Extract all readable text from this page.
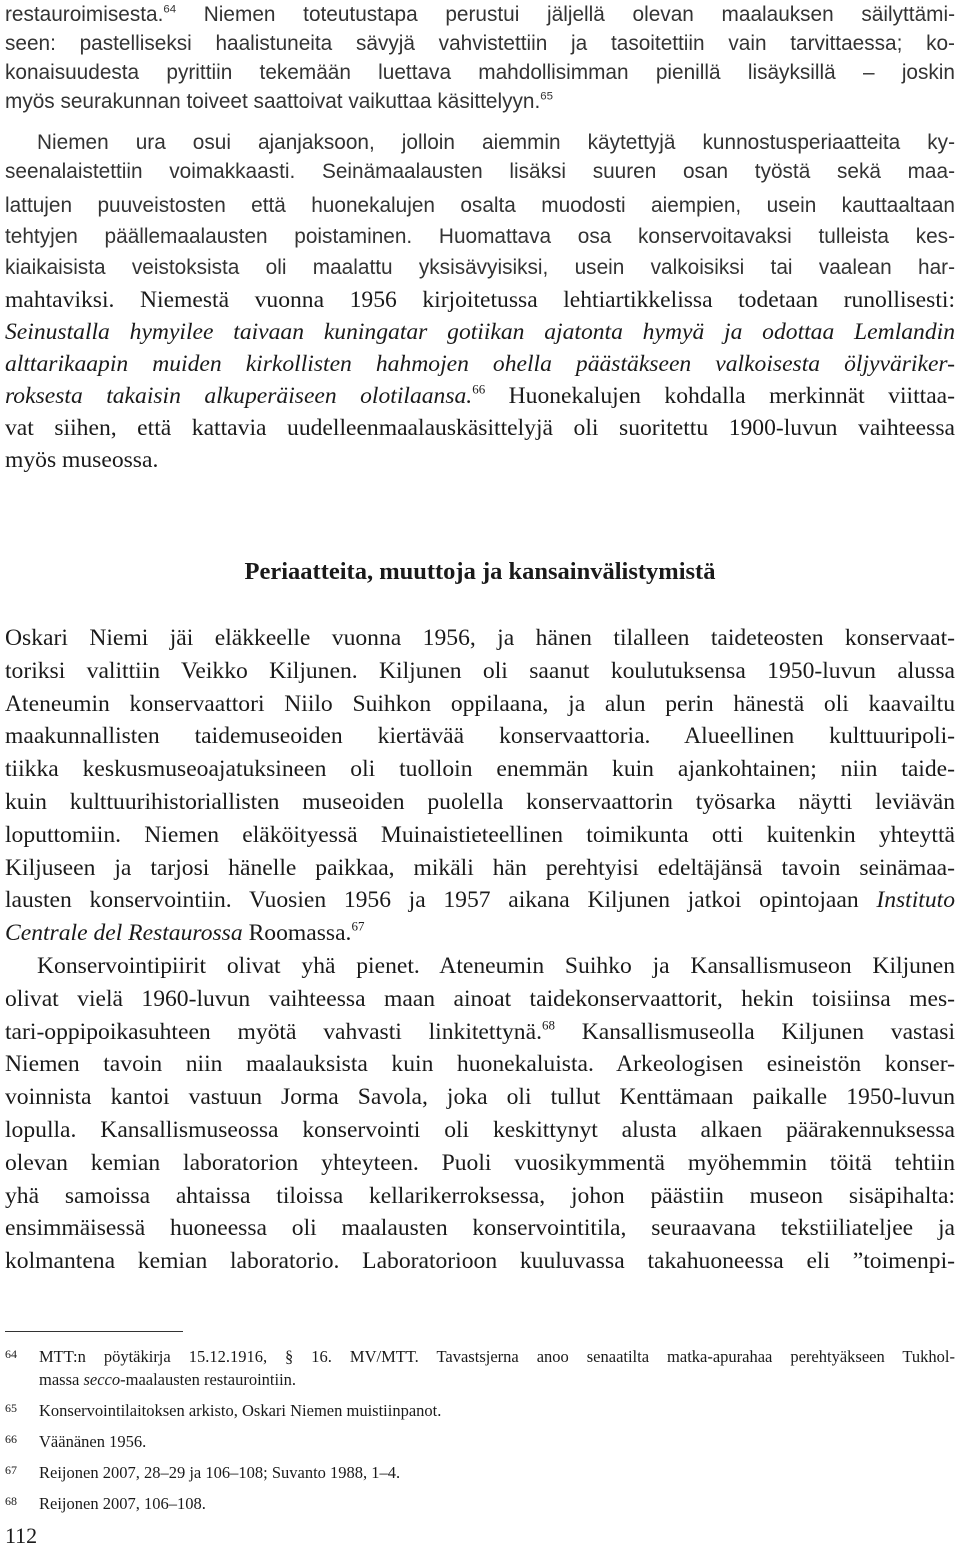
restauroimisesta.$^{64}$ Niemen toteutustapa perustui jäljellä olevan maalauksen säilyttämi-
seen: pastelliseksi haalistuneita sävyjä vahvistettiin ja tasoitettiin vain tarvittaessa; ko-
konaisuudesta pyrittiin tekemään luettava mahdollisimman pienillä lisäyksillä – joskin
myös seurakunnan toiveet saattoivat vaikuttaa käsittelyyn.$^{65}$
Niemen ura osui ajanjaksoon, jolloin aiemmin käytettyjä kunnostusperiaatteita ky-
seenalaistettiin voimakkaasti. Seinämaalausten lisäksi suuren osan työstä sekä maa-
lattujen puuveistosten että huonekalujen osalta muodosti aiempien, usein kauttaaltaan
tehtyjen päällemaalausten poistaminen. Huomattava osa konservoitavaksi tulleista kes-
kiaikaisista veistoksista oli maalattu yksisävyisiksi, usein valkoisiksi tai vaalean har-
mahtaviksi. Niemestä vuonna 1956 kirjoitetussa lehtiartikkelissa todetaan runollisesti:
Seinustalla hymyilee taivaan kuningatar gotiikan ajatonta hymyä ja odottaa Lemlandin
alttarikaapin muiden kirkollisten hahmojen ohella päästäkseen valkoisesta öljyväriker-
roksesta takaisin alkuperäiseen olotilaansa.$^{66}$ Huonekalujen kohdalla merkinnät viittaa-
vat siihen, että kattavia uudelleenmaalauskäsittelyjä oli suoritettu 1900-luvun vaihteessa
myös museossa.
Periaatteita, muuttoja ja kansainvälistymistä
Oskari Niemi jäi eläkkeelle vuonna 1956, ja hänen tilalleen taideteosten konservaat-
toriksi valittiin Veikko Kiljunen. Kiljunen oli saanut koulutuksensa 1950-luvun alussa
Ateneumin konservaattori Niilo Suihkon oppilaana, ja alun perin hänestä oli kaavailtu
maakunnallisten taidemuseoiden kiertävää konservaattoria. Alueellinen kulttuuripoli-
tiikka keskusmuseoajatuksineen oli tuolloin enemmän kuin ajankohtainen; niin taide-
kuin kulttuurihistoriallisten museoiden puolella konservaattorin työsarka näytti leviävän
loputtomiin. Niemen eläköityessä Muinaistieteellinen toimikunta otti kuitenkin yhteyttä
Kiljuseen ja tarjosi hänelle paikkaa, mikäli hän perehtyisi edeltäjänsä tavoin seinämaa-
lausten konservointiin. Vuosien 1956 ja 1957 aikana Kiljunen jatkoi opintojaan Instituto
Centrale del Restaurossa Roomassa.$^{67}$
Konservointipiirit olivat yhä pienet. Ateneumin Suihko ja Kansallismuseon Kiljunen
olivat vielä 1960-luvun vaihteessa maan ainoat taidekonservaattorit, hekin toisiinsa mes-
tari-oppipoikasuhteen myötä vahvasti linkitettynä.$^{68}$ Kansallismuseolla Kiljunen vastasi
Niemen tavoin niin maalauksista kuin huonekaluista. Arkeologisen esineistön konser-
voinnista kantoi vastuun Jorma Savola, joka oli tullut Kenttämaan paikalle 1950-luvun
lopulla. Kansallismuseossa konservointi oli keskittynyt alusta alkaen päärakennuksessa
olevan kemian laboratorion yhteyteen. Puoli vuosikymmentä myöhemmin töitä tehtiin
yhä samoissa ahtaissa tiloissa kellarikerroksessa, johon päästiin museon sisäpihalta:
ensimmäisessä huoneessa oli maalausten konservointitila, seuraavana tekstiiliateljee ja
kolmantena kemian laboratorio. Laboratorioon kuuluvassa takahuoneessa eli ”toimenpi-
64 MTT:n pöytäkirja 15.12.1916, § 16. MV/MTT. Tavastsjerna anoo senaatilta matka-apurahaa perehtyäkseen Tukhol-
massa secco-maalausten restaurointiin.
65 Konservointilaitoksen arkisto, Oskari Niemen muistiinpanot.
66 Väänänen 1956.
67 Reijonen 2007, 28–29 ja 106–108; Suvanto 1988, 1–4.
68 Reijonen 2007, 106–108.
112
